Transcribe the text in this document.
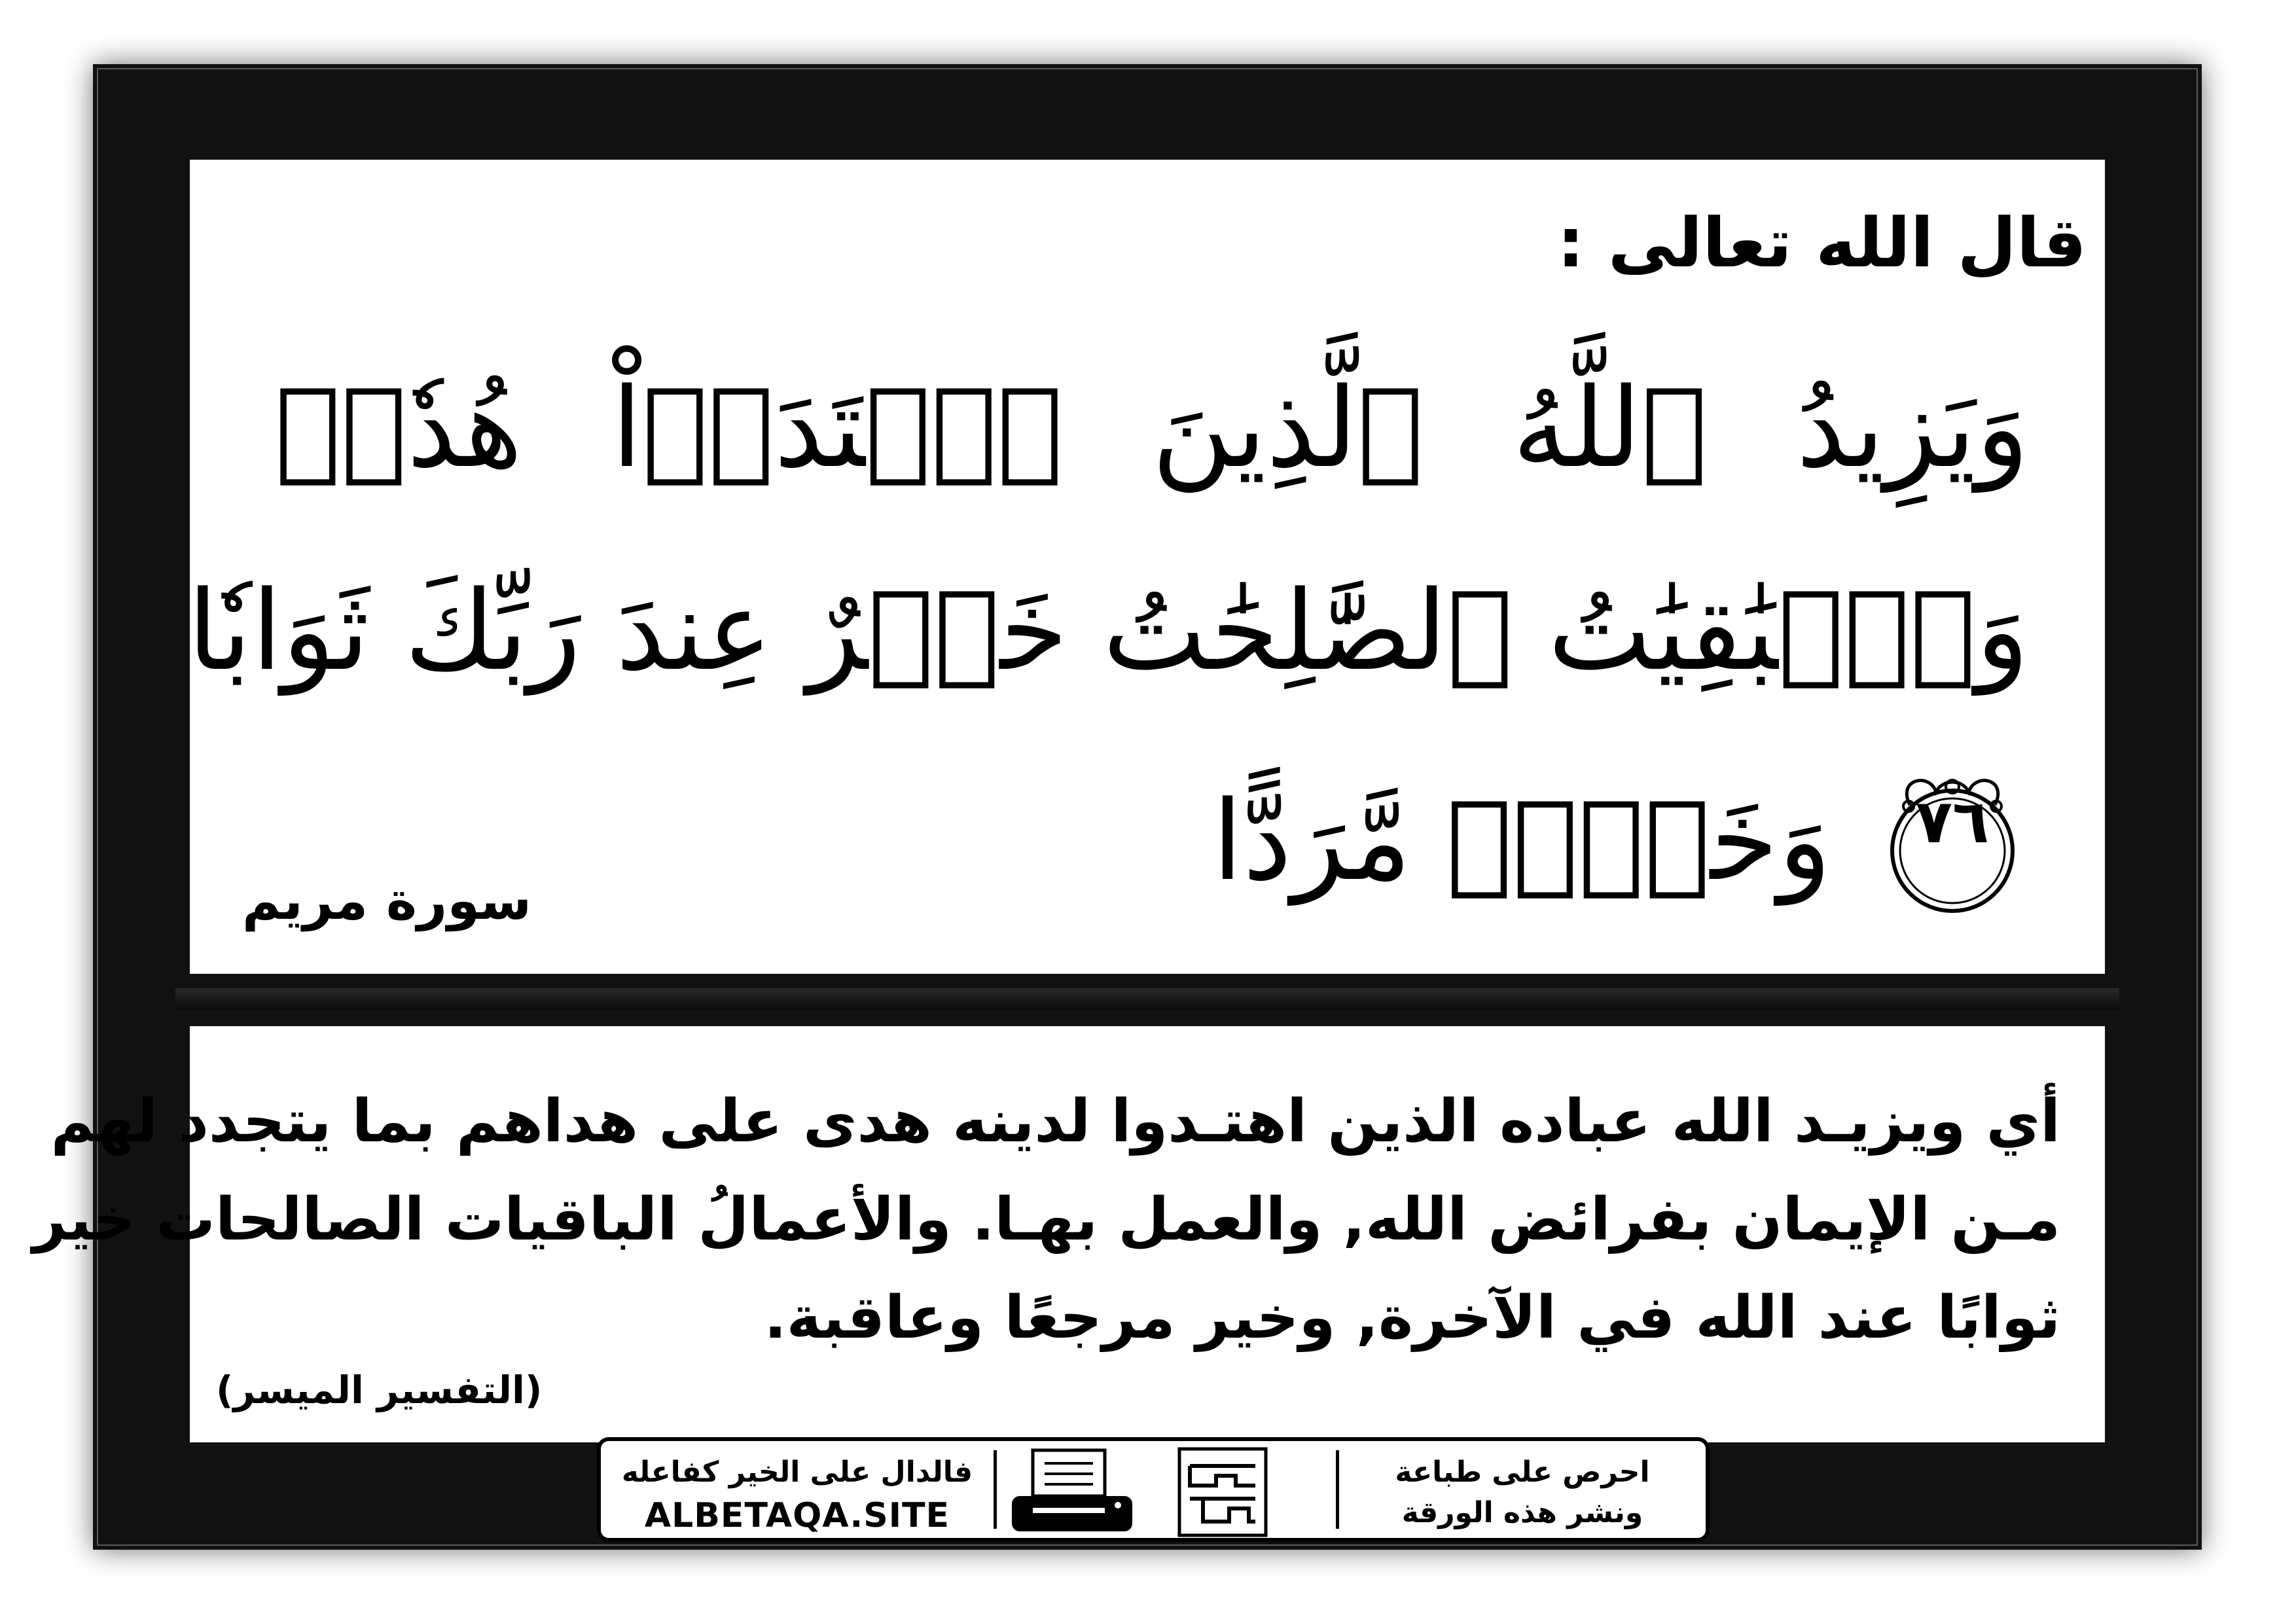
قال الله تعالى :
وَيَزِيدُ ٱللَّهُ ٱلَّذِينَ ٱهۡتَدَوۡاْ هُدٗىۗ
وَٱلۡبَٰقِيَٰتُ ٱلصَّٰلِحَٰتُ خَيۡرٌ عِندَ رَبِّكَ ثَوَابٗا
وَخَيۡرٞ مَّرَدًّا	٧٦
سورة مريم
أي ويزيـد الله عباده الذين اهتـدوا لدينه هدى على هداهم بما يتجدد لهم
مـن الإيمان بفرائض الله, والعمل بهـا. والأعمالُ الباقيات الصالحات خير
ثوابًا عند الله في الآخرة, وخير مرجعًا وعاقبة.
(التفسير الميسر)
فالدال على الخير كفاعله
ALBETAQA.SITE
احرص على طباعة
ونشر هذه الورقة
